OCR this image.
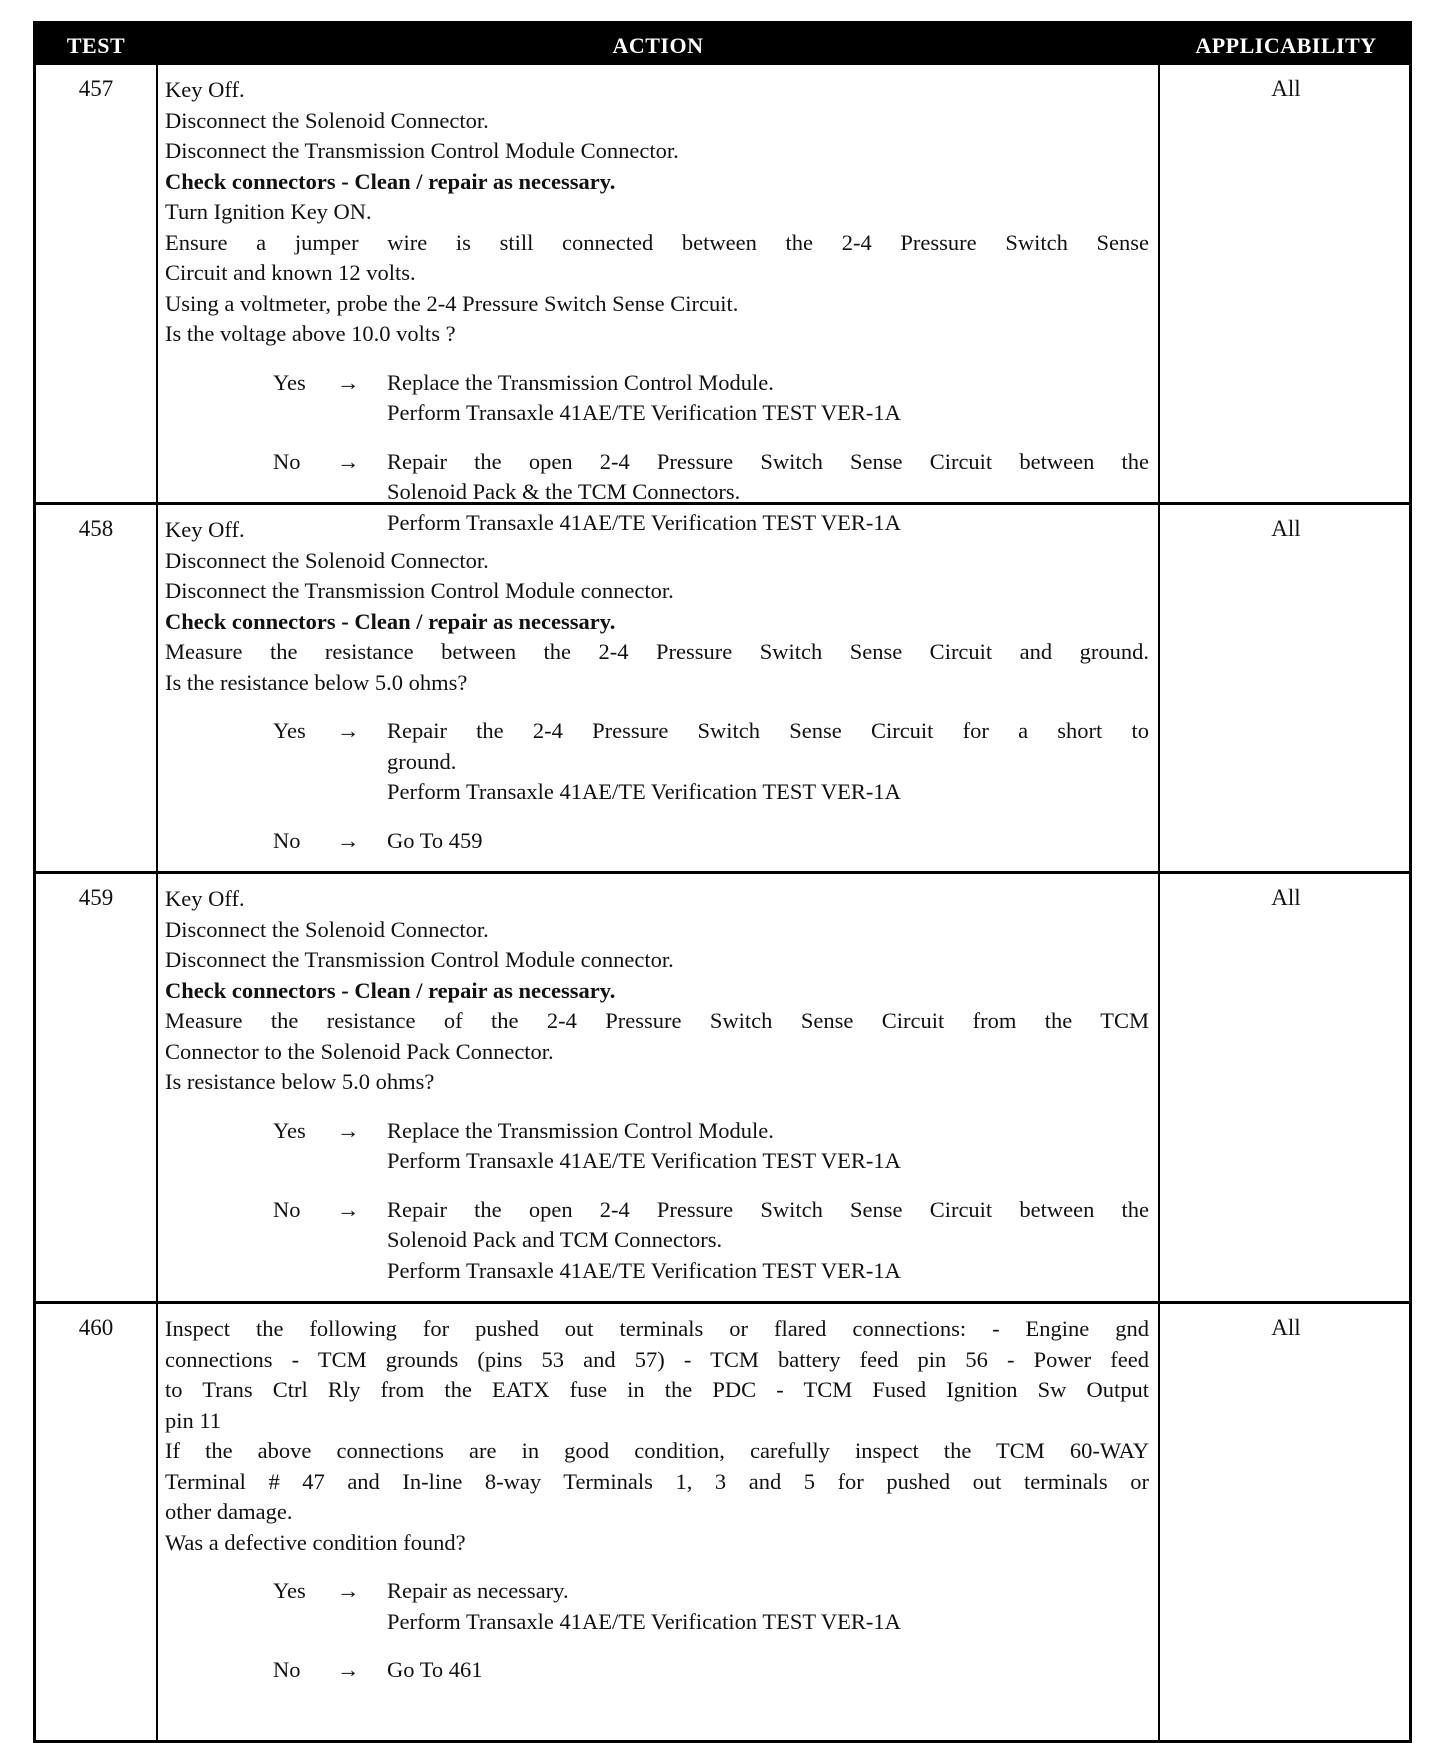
TEST	ACTION	APPLICABILITY
457	Key Off.
Disconnect the Solenoid Connector.
Disconnect the Transmission Control Module Connector.
Check connectors - Clean / repair as necessary.
Turn Ignition Key ON.
Ensure a jumper wire is still connected between the 2-4 Pressure Switch Sense
Circuit and known 12 volts.
Using a voltmeter, probe the 2-4 Pressure Switch Sense Circuit.
Is the voltage above 10.0 volts ?
Yes	→	Replace the Transmission Control Module.
Perform Transaxle 41AE/TE Verification TEST VER-1A
No	→	Repair the open 2-4 Pressure Switch Sense Circuit between the
Solenoid Pack & the TCM Connectors.
Perform Transaxle 41AE/TE Verification TEST VER-1A
All
458	Key Off.
Disconnect the Solenoid Connector.
Disconnect the Transmission Control Module connector.
Check connectors - Clean / repair as necessary.
Measure the resistance between the 2-4 Pressure Switch Sense Circuit and ground.
Is the resistance below 5.0 ohms?
Yes	→	Repair the 2-4 Pressure Switch Sense Circuit for a short to
ground.
Perform Transaxle 41AE/TE Verification TEST VER-1A
No	→	Go To 459
All
459	Key Off.
Disconnect the Solenoid Connector.
Disconnect the Transmission Control Module connector.
Check connectors - Clean / repair as necessary.
Measure the resistance of the 2-4 Pressure Switch Sense Circuit from the TCM
Connector to the Solenoid Pack Connector.
Is resistance below 5.0 ohms?
Yes	→	Replace the Transmission Control Module.
Perform Transaxle 41AE/TE Verification TEST VER-1A
No	→	Repair the open 2-4 Pressure Switch Sense Circuit between the
Solenoid Pack and TCM Connectors.
Perform Transaxle 41AE/TE Verification TEST VER-1A
All
460	Inspect the following for pushed out terminals or flared connections: - Engine gnd
connections - TCM grounds (pins 53 and 57) - TCM battery feed pin 56 - Power feed
to Trans Ctrl Rly from the EATX fuse in the PDC - TCM Fused Ignition Sw Output
pin 11
If the above connections are in good condition, carefully inspect the TCM 60-WAY
Terminal # 47 and In-line 8-way Terminals 1, 3 and 5 for pushed out terminals or
other damage.
Was a defective condition found?
Yes	→	Repair as necessary.
Perform Transaxle 41AE/TE Verification TEST VER-1A
No	→	Go To 461
All
